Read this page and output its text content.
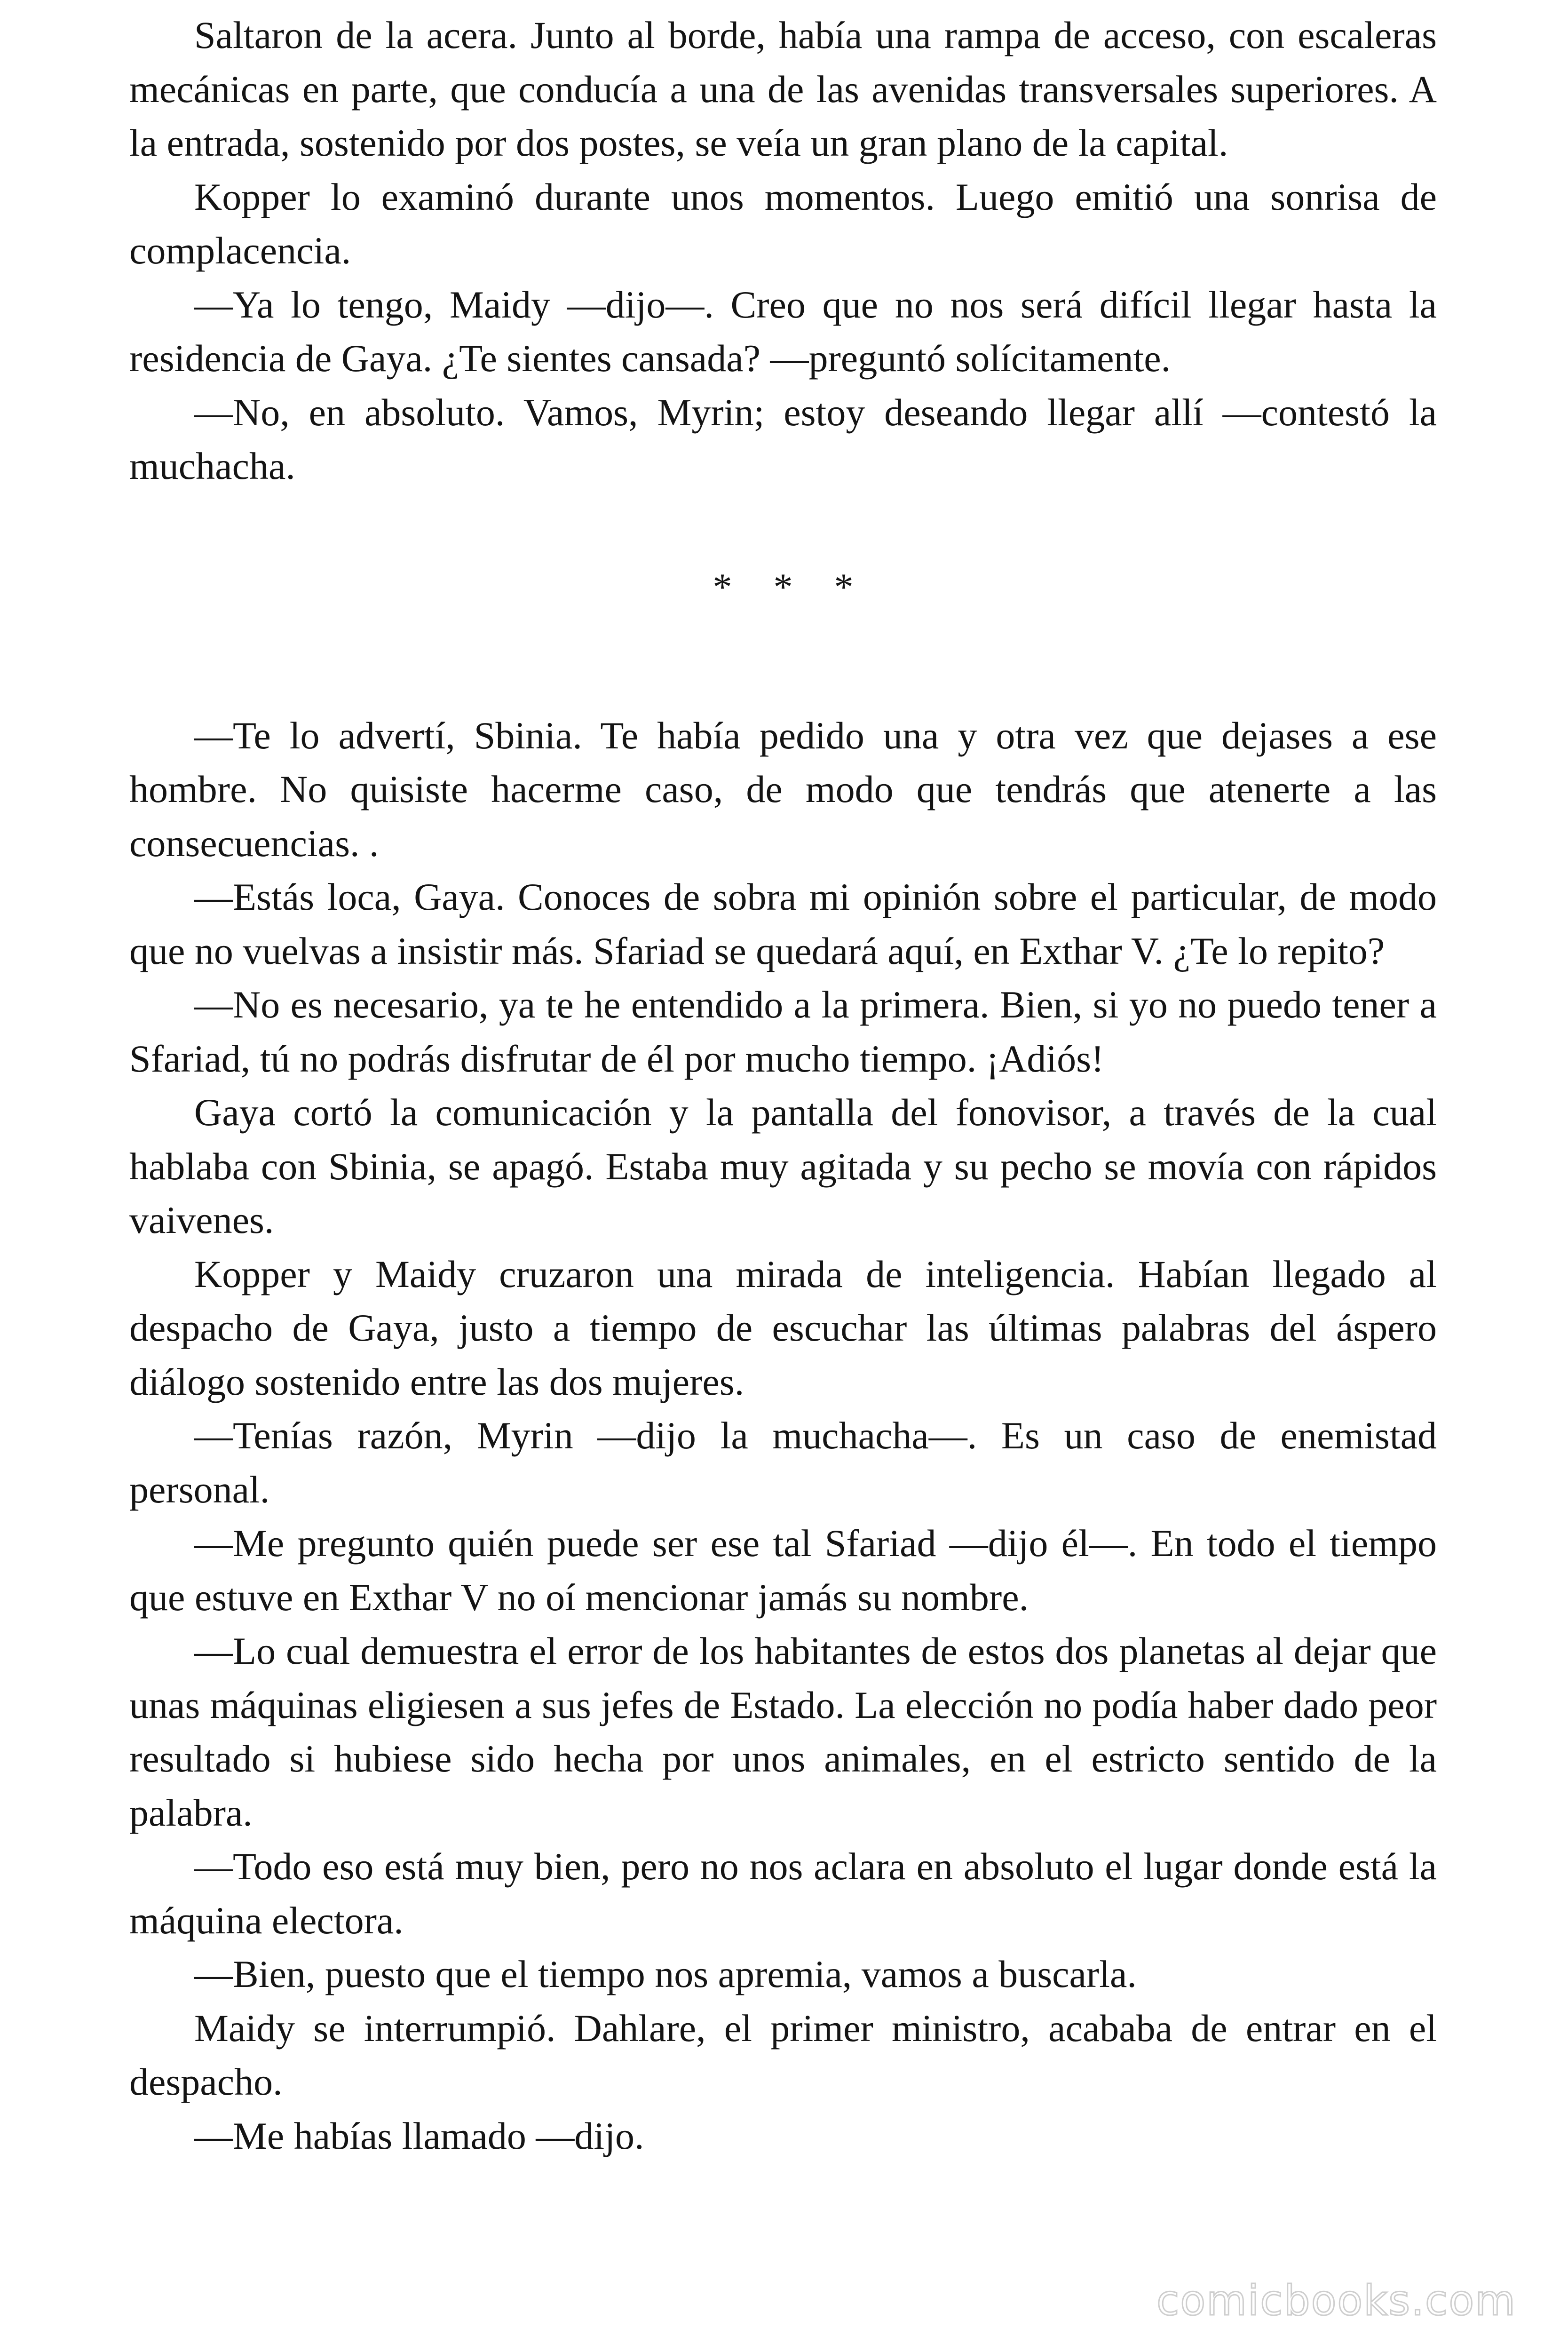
Saltaron de la acera. Junto al borde, había una rampa de acceso, con escaleras mecánicas en parte, que conducía a una de las avenidas transversales superiores. A la entrada, sostenido por dos postes, se veía un gran plano de la capital.

Kopper lo examinó durante unos momentos. Luego emitió una sonrisa de complacencia.

—Ya lo tengo, Maidy —dijo—. Creo que no nos será difícil llegar hasta la residencia de Gaya. ¿Te sientes cansada? —preguntó solícitamente.

—No, en absoluto. Vamos, Myrin; estoy deseando llegar allí —contestó la muchacha.

* * *

—Te lo advertí, Sbinia. Te había pedido una y otra vez que dejases a ese hombre. No quisiste hacerme caso, de modo que tendrás que atenerte a las consecuencias. .

—Estás loca, Gaya. Conoces de sobra mi opinión sobre el particular, de modo que no vuelvas a insistir más. Sfariad se quedará aquí, en Exthar V. ¿Te lo repito?

—No es necesario, ya te he entendido a la primera. Bien, si yo no puedo tener a Sfariad, tú no podrás disfrutar de él por mucho tiempo. ¡Adiós!

Gaya cortó la comunicación y la pantalla del fonovisor, a través de la cual hablaba con Sbinia, se apagó. Estaba muy agitada y su pecho se movía con rápidos vaivenes.

Kopper y Maidy cruzaron una mirada de inteligencia. Habían llegado al despacho de Gaya, justo a tiempo de escuchar las últimas palabras del áspero diálogo sostenido entre las dos mujeres.

—Tenías razón, Myrin —dijo la muchacha—. Es un caso de enemistad personal.

—Me pregunto quién puede ser ese tal Sfariad —dijo él—. En todo el tiempo que estuve en Exthar V no oí mencionar jamás su nombre.

—Lo cual demuestra el error de los habitantes de estos dos planetas al dejar que unas máquinas eligiesen a sus jefes de Estado. La elección no podía haber dado peor resultado si hubiese sido hecha por unos animales, en el estricto sentido de la palabra.

—Todo eso está muy bien, pero no nos aclara en absoluto el lugar donde está la máquina electora.

—Bien, puesto que el tiempo nos apremia, vamos a buscarla.

Maidy se interrumpió. Dahlare, el primer ministro, acababa de entrar en el despacho.

—Me habías llamado —dijo.

comicbooks.com
